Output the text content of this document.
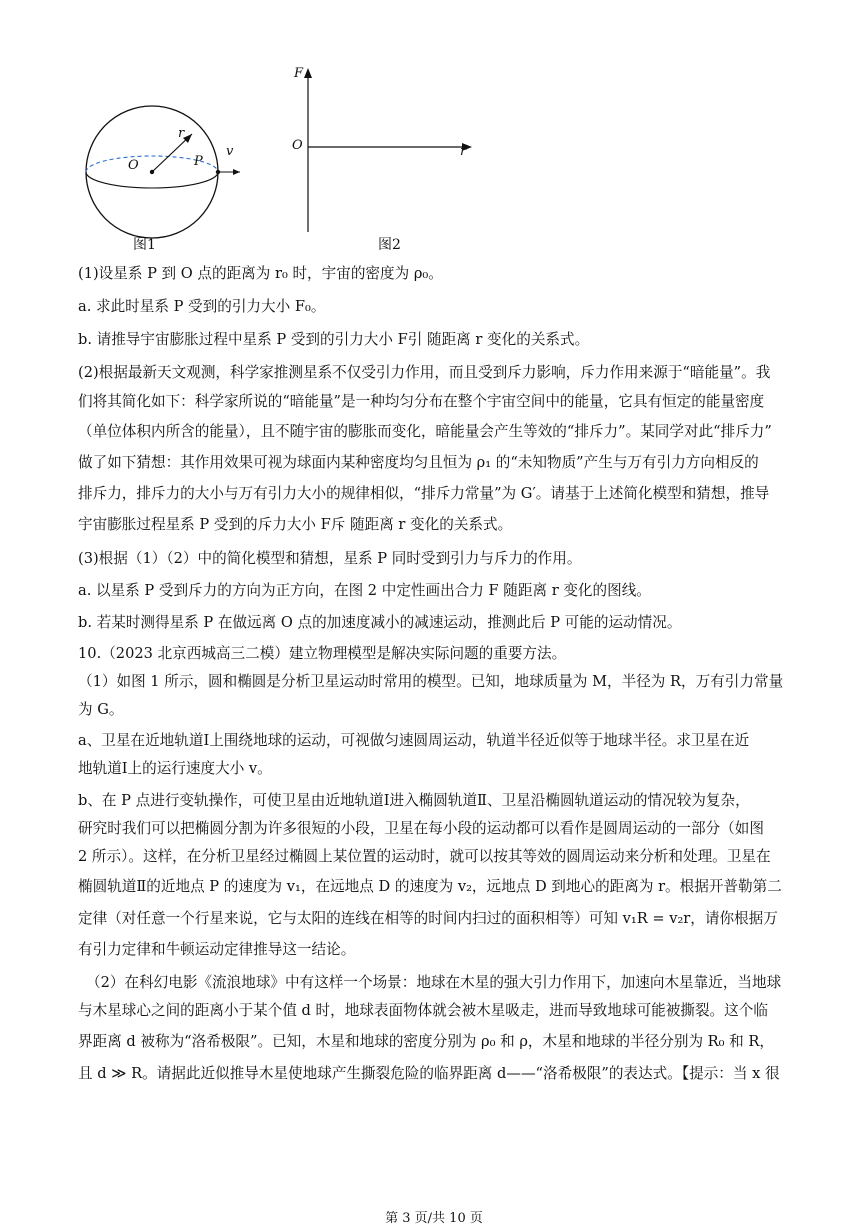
O	P
r
v
图1
F
O	r
图2
(1)设星系 P 到 O 点的距离为 r₀ 时，宇宙的密度为 ρ₀。
a. 求此时星系 P 受到的引力大小 F₀。
b. 请推导宇宙膨胀过程中星系 P 受到的引力大小 F引 随距离 r 变化的关系式。
(2)根据最新天文观测，科学家推测星系不仅受引力作用，而且受到斥力影响，斥力作用来源于“暗能量”。我
们将其简化如下：科学家所说的“暗能量”是一种均匀分布在整个宇宙空间中的能量，它具有恒定的能量密度
（单位体积内所含的能量），且不随宇宙的膨胀而变化，暗能量会产生等效的“排斥力”。某同学对此“排斥力”
做了如下猜想：其作用效果可视为球面内某种密度均匀且恒为 ρ₁ 的“未知物质”产生与万有引力方向相反的
排斥力，排斥力的大小与万有引力大小的规律相似，“排斥力常量”为 G′。请基于上述简化模型和猜想，推导
宇宙膨胀过程星系 P 受到的斥力大小 F斥 随距离 r 变化的关系式。
(3)根据（1）（2）中的简化模型和猜想，星系 P 同时受到引力与斥力的作用。
a. 以星系 P 受到斥力的方向为正方向，在图 2 中定性画出合力 F 随距离 r 变化的图线。
b. 若某时测得星系 P 在做远离 O 点的加速度减小的减速运动，推测此后 P 可能的运动情况。
10.（2023 北京西城高三二模）建立物理模型是解决实际问题的重要方法。
（1）如图 1 所示，圆和椭圆是分析卫星运动时常用的模型。已知，地球质量为 M，半径为 R，万有引力常量
为 G。
a、卫星在近地轨道Ⅰ上围绕地球的运动，可视做匀速圆周运动，轨道半径近似等于地球半径。求卫星在近
地轨道Ⅰ上的运行速度大小 v。
b、在 P 点进行变轨操作，可使卫星由近地轨道Ⅰ进入椭圆轨道Ⅱ、卫星沿椭圆轨道运动的情况较为复杂，
研究时我们可以把椭圆分割为许多很短的小段，卫星在每小段的运动都可以看作是圆周运动的一部分（如图
2 所示）。这样，在分析卫星经过椭圆上某位置的运动时，就可以按其等效的圆周运动来分析和处理。卫星在
椭圆轨道Ⅱ的近地点 P 的速度为 v₁，在远地点 D 的速度为 v₂，远地点 D 到地心的距离为 r。根据开普勒第二
定律（对任意一个行星来说，它与太阳的连线在相等的时间内扫过的面积相等）可知 v₁R = v₂r，请你根据万
有引力定律和牛顿运动定律推导这一结论。
（2）在科幻电影《流浪地球》中有这样一个场景：地球在木星的强大引力作用下，加速向木星靠近，当地球
与木星球心之间的距离小于某个值 d 时，地球表面物体就会被木星吸走，进而导致地球可能被撕裂。这个临
界距离 d 被称为“洛希极限”。已知，木星和地球的密度分别为 ρ₀ 和 ρ，木星和地球的半径分别为 R₀ 和 R，
且 d ≫ R。请据此近似推导木星使地球产生撕裂危险的临界距离 d——“洛希极限”的表达式。【提示：当 x 很
第 3 页/共 10 页
